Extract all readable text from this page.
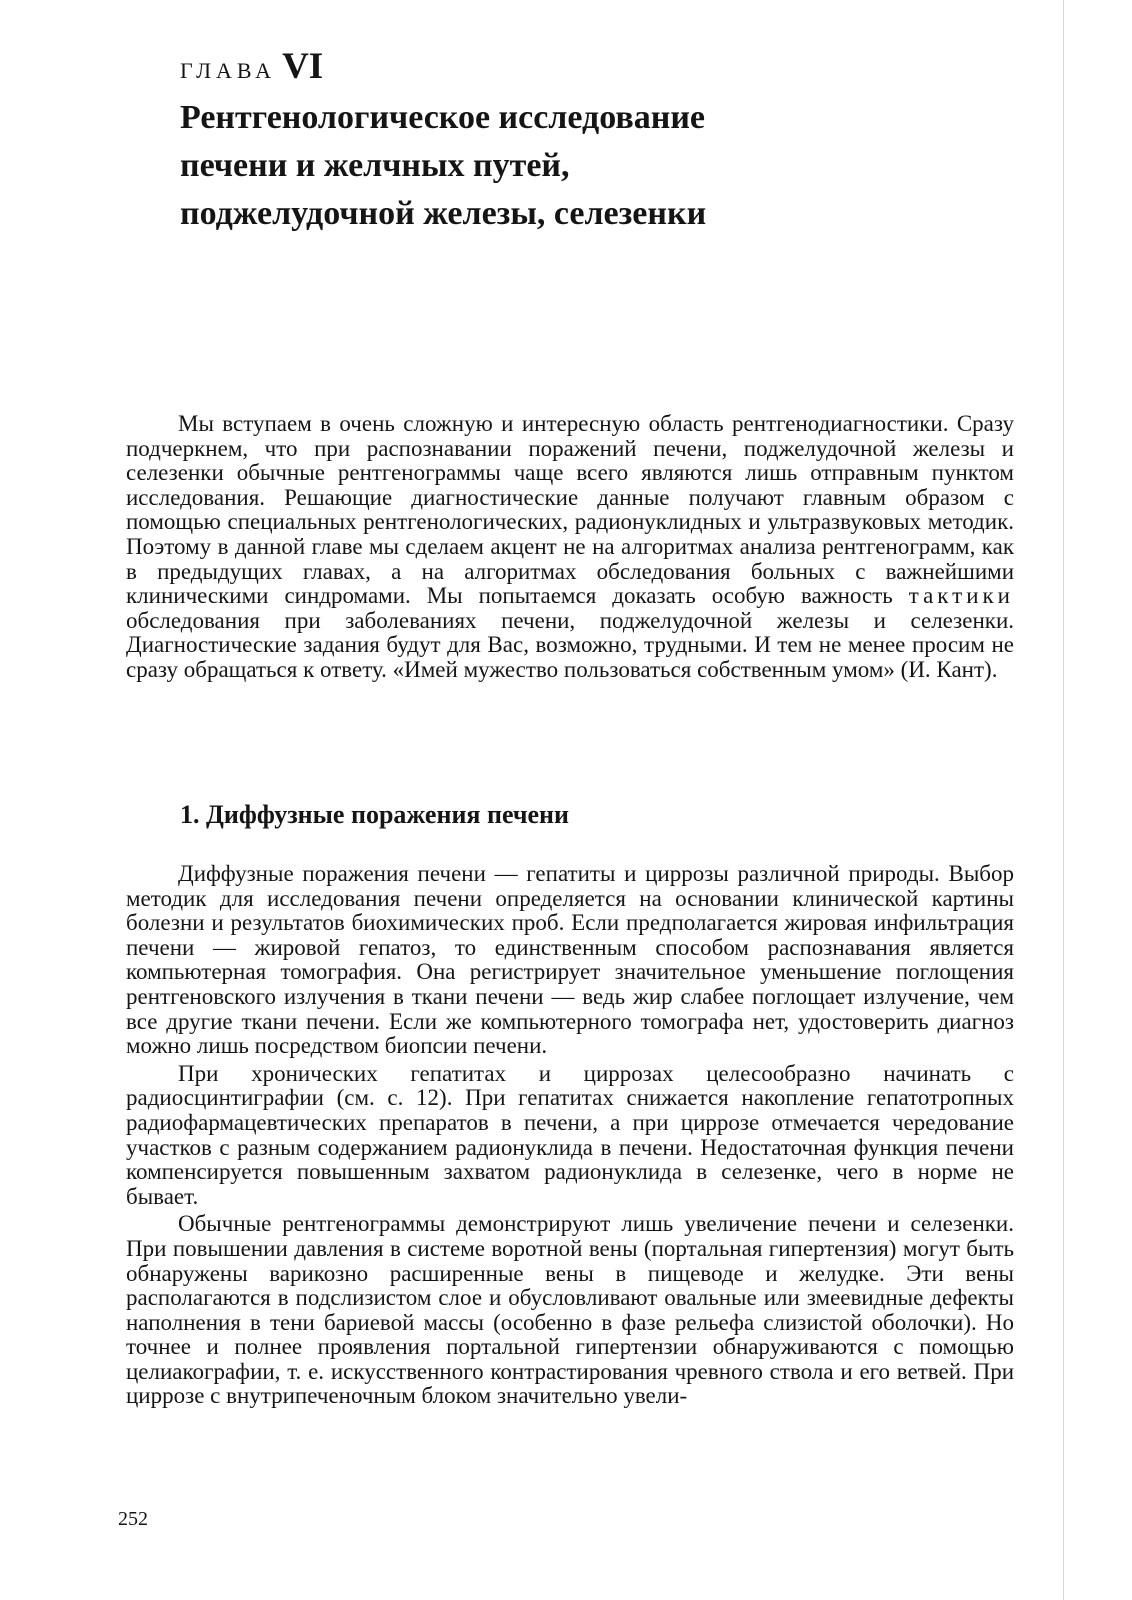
ГЛАВА VI
Рентгенологическое исследование
печени и желчных путей,
поджелудочной железы, селезенки

Мы вступаем в очень сложную и интересную область рентгенодиагностики. Сразу подчеркнем, что при распознавании поражений печени, поджелудочной железы и селезенки обычные рентгенограммы чаще всего являются лишь отправным пунктом исследования. Решающие диагностические данные получают главным образом с помощью специальных рентгенологических, радионуклидных и ультразвуковых методик. Поэтому в данной главе мы сделаем акцент не на алгоритмах анализа рентгенограмм, как в предыдущих главах, а на алгоритмах обследования больных с важнейшими клиническими синдромами. Мы попытаемся доказать особую важность тактики обследования при заболеваниях печени, поджелудочной железы и селезенки. Диагностические задания будут для Вас, возможно, трудными. И тем не менее просим не сразу обращаться к ответу. «Имей мужество пользоваться собственным умом» (И. Кант).

1. Диффузные поражения печени

Диффузные поражения печени — гепатиты и циррозы различной природы. Выбор методик для исследования печени определяется на основании клинической картины болезни и результатов биохимических проб. Если предполагается жировая инфильтрация печени — жировой гепатоз, то единственным способом распознавания является компьютерная томография. Она регистрирует значительное уменьшение поглощения рентгеновского излучения в ткани печени — ведь жир слабее поглощает излучение, чем все другие ткани печени. Если же компьютерного томографа нет, удостоверить диагноз можно лишь посредством биопсии печени.

При хронических гепатитах и циррозах целесообразно начинать с радиосцинтиграфии (см. с. 12). При гепатитах снижается накопление гепатотропных радиофармацевтических препаратов в печени, а при циррозе отмечается чередование участков с разным содержанием радионуклида в печени. Недостаточная функция печени компенсируется повышенным захватом радионуклида в селезенке, чего в норме не бывает.

Обычные рентгенограммы демонстрируют лишь увеличение печени и селезенки. При повышении давления в системе воротной вены (портальная гипертензия) могут быть обнаружены варикозно расширенные вены в пищеводе и желудке. Эти вены располагаются в подслизистом слое и обусловливают овальные или змеевидные дефекты наполнения в тени бариевой массы (особенно в фазе рельефа слизистой оболочки). Но точнее и полнее проявления портальной гипертензии обнаруживаются с помощью целиакографии, т. е. искусственного контрастирования чревного ствола и его ветвей. При циррозе с внутрипеченочным блоком значительно увели-

252
